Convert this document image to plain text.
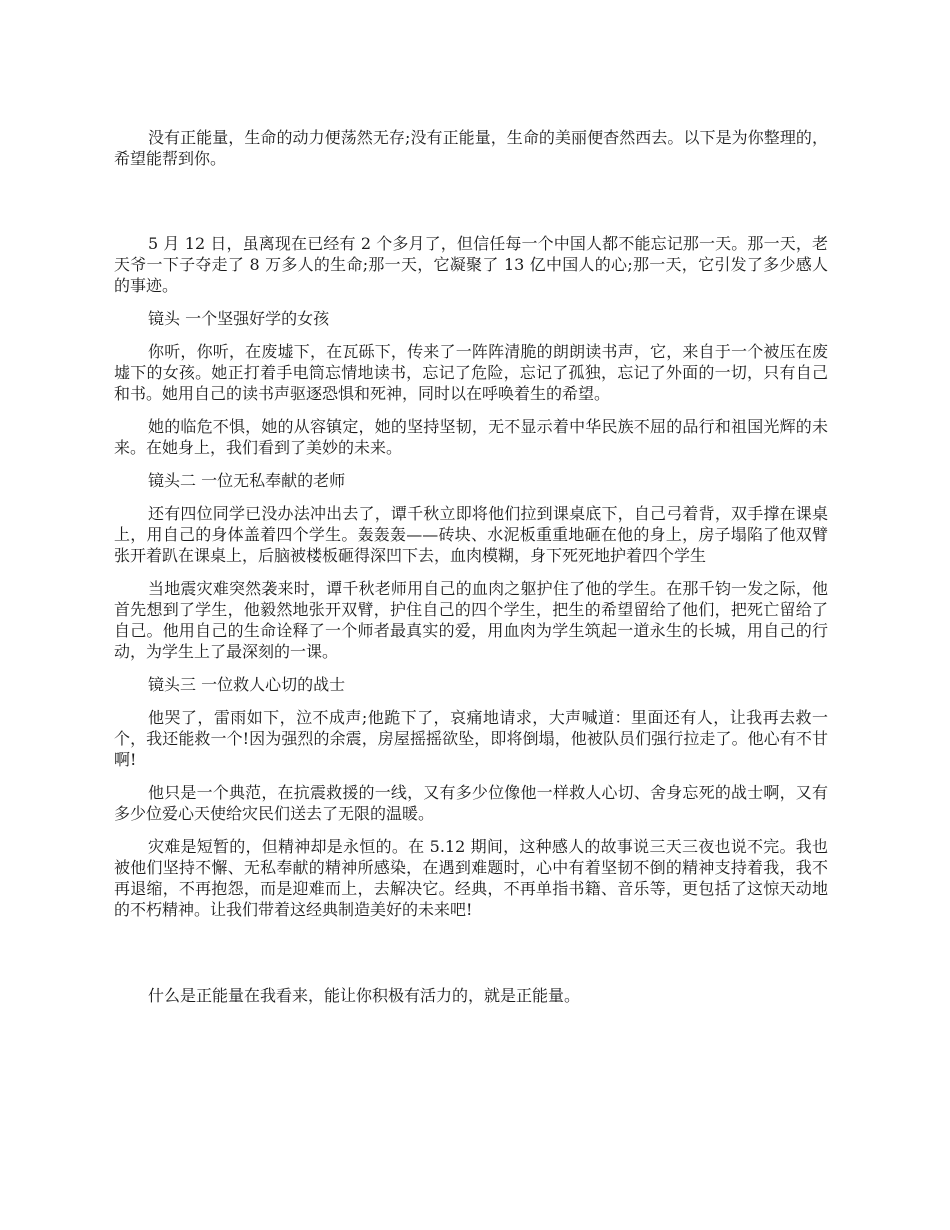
没有正能量，生命的动力便荡然无存;没有正能量，生命的美丽便杳然西去。以下是为你整理的，希望能帮到你。

5 月 12 日，虽离现在已经有 2 个多月了，但信任每一个中国人都不能忘记那一天。那一天，老天爷一下子夺走了 8 万多人的生命;那一天，它凝聚了 13 亿中国人的心;那一天，它引发了多少感人的事迹。

镜头 一个坚强好学的女孩

你听，你听，在废墟下，在瓦砾下，传来了一阵阵清脆的朗朗读书声，它，来自于一个被压在废墟下的女孩。她正打着手电筒忘情地读书，忘记了危险，忘记了孤独，忘记了外面的一切，只有自己和书。她用自己的读书声驱逐恐惧和死神，同时以在呼唤着生的希望。

她的临危不惧，她的从容镇定，她的坚持坚韧，无不显示着中华民族不屈的品行和祖国光辉的未来。在她身上，我们看到了美妙的未来。

镜头二 一位无私奉献的老师

还有四位同学已没办法冲出去了，谭千秋立即将他们拉到课桌底下，自己弓着背，双手撑在课桌上，用自己的身体盖着四个学生。轰轰轰——砖块、水泥板重重地砸在他的身上，房子塌陷了他双臂张开着趴在课桌上，后脑被楼板砸得深凹下去，血肉模糊，身下死死地护着四个学生

当地震灾难突然袭来时，谭千秋老师用自己的血肉之躯护住了他的学生。在那千钧一发之际，他首先想到了学生，他毅然地张开双臂，护住自己的四个学生，把生的希望留给了他们，把死亡留给了自己。他用自己的生命诠释了一个师者最真实的爱，用血肉为学生筑起一道永生的长城，用自己的行动，为学生上了最深刻的一课。

镜头三 一位救人心切的战士

他哭了，雷雨如下，泣不成声;他跪下了，哀痛地请求，大声喊道：里面还有人，让我再去救一个，我还能救一个!因为强烈的余震，房屋摇摇欲坠，即将倒塌，他被队员们强行拉走了。他心有不甘啊!

他只是一个典范，在抗震救援的一线，又有多少位像他一样救人心切、舍身忘死的战士啊，又有多少位爱心天使给灾民们送去了无限的温暖。

灾难是短暂的，但精神却是永恒的。在 5.12 期间，这种感人的故事说三天三夜也说不完。我也被他们坚持不懈、无私奉献的精神所感染，在遇到难题时，心中有着坚韧不倒的精神支持着我，我不再退缩，不再抱怨，而是迎难而上，去解决它。经典，不再单指书籍、音乐等，更包括了这惊天动地的不朽精神。让我们带着这经典制造美好的未来吧!

什么是正能量在我看来，能让你积极有活力的，就是正能量。
